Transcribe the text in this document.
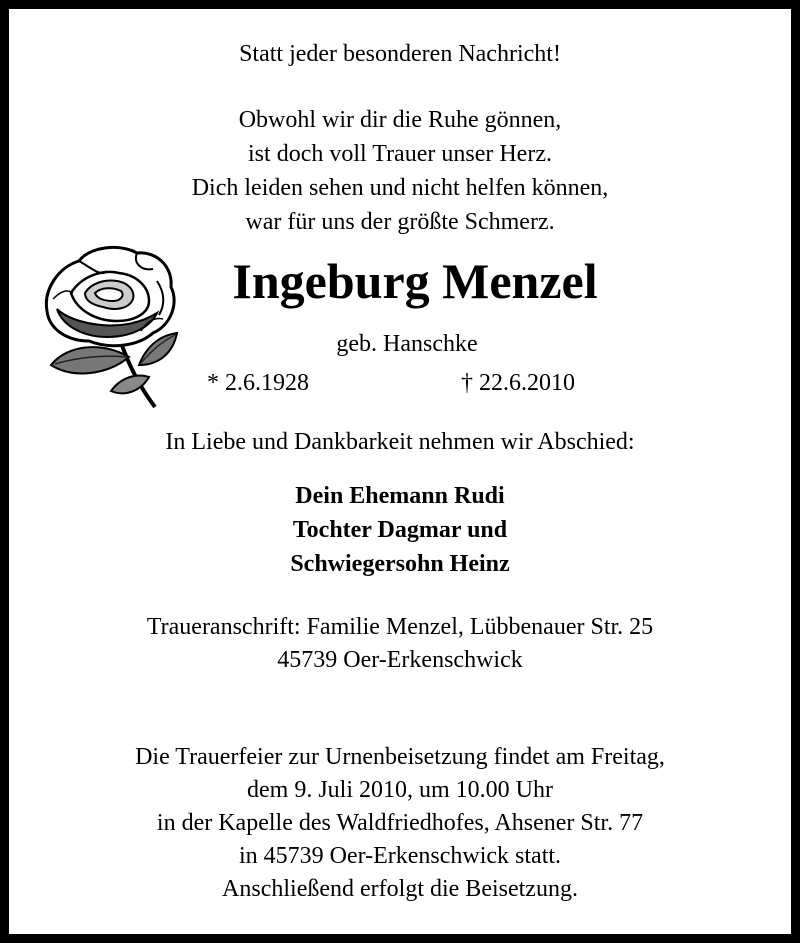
Statt jeder besonderen Nachricht!
Obwohl wir dir die Ruhe gönnen,
ist doch voll Trauer unser Herz.
Dich leiden sehen und nicht helfen können,
war für uns der größte Schmerz.
Ingeburg Menzel
geb. Hanschke
* 2.6.1928	† 22.6.2010
In Liebe und Dankbarkeit nehmen wir Abschied:
Dein Ehemann Rudi
Tochter Dagmar und
Schwiegersohn Heinz
Traueranschrift: Familie Menzel, Lübbenauer Str. 25
45739 Oer-Erkenschwick
Die Trauerfeier zur Urnenbeisetzung findet am Freitag,
dem 9. Juli 2010, um 10.00 Uhr
in der Kapelle des Waldfriedhofes, Ahsener Str. 77
in 45739 Oer-Erkenschwick statt.
Anschließend erfolgt die Beisetzung.
